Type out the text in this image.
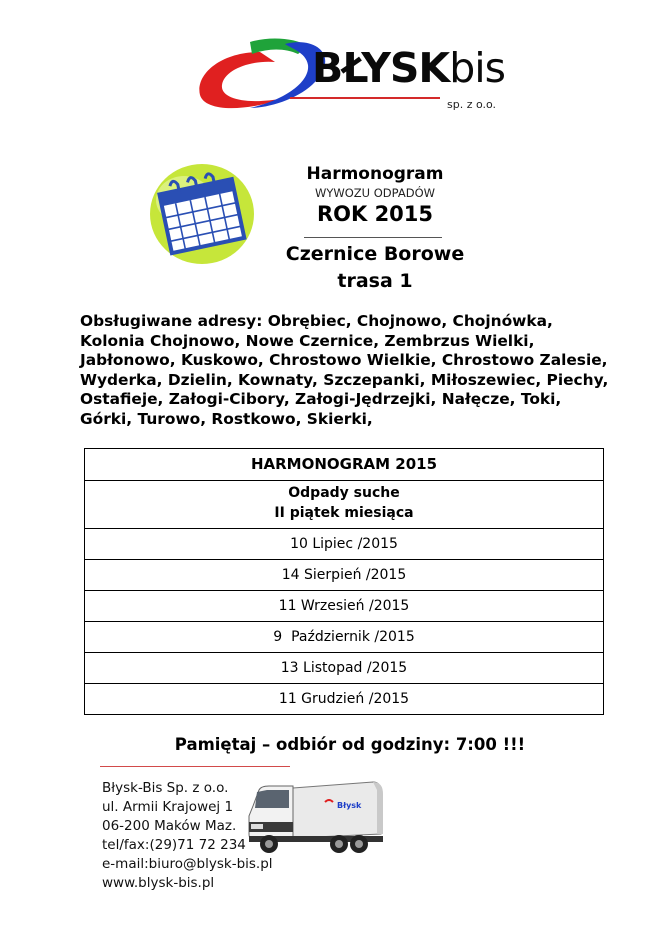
BŁYSKbis
sp. z o.o.
Harmonogram
WYWOZU ODPADÓW
ROK 2015
Czernice Borowe
trasa 1
Obsługiwane adresy: Obrębiec, Chojnowo, Chojnówka, Kolonia Chojnowo, Nowe Czernice, Zembrzus Wielki, Jabłonowo, Kuskowo, Chrostowo Wielkie, Chrostowo Zalesie, Wyderka, Dzielin, Kownaty, Szczepanki, Miłoszewiec, Piechy, Ostafieje, Załogi-Cibory, Załogi-Jędrzejki, Nałęcze, Toki, Górki, Turowo, Rostkowo, Skierki,
HARMONOGRAM 2015
Odpady suche
II piątek miesiąca
10 Lipiec /2015
14 Sierpień /2015
11 Wrzesień /2015
9  Październik /2015
13 Listopad /2015
11 Grudzień /2015
Pamiętaj – odbiór od godziny: 7:00 !!!
Błysk-Bis Sp. z o.o.
ul. Armii Krajowej 1
06-200 Maków Maz.
tel/fax:(29)71 72 234
e-mail:biuro@blysk-bis.pl
www.blysk-bis.pl
Błysk
